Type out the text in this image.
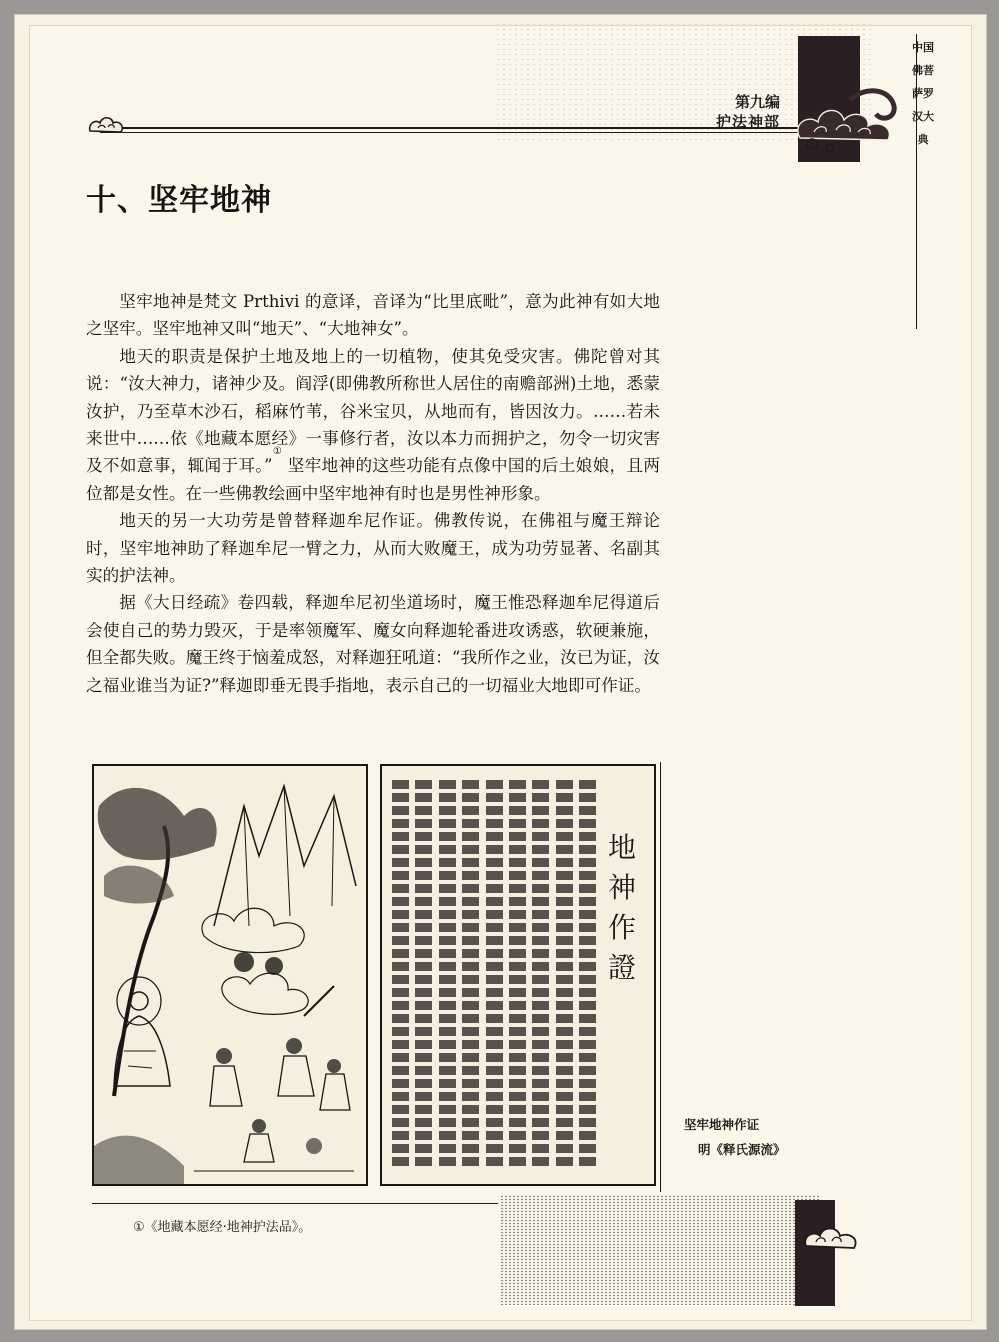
第九编
护法神部
中国佛菩萨罗汉大典
十、坚牢地神

坚牢地神是梵文 Prthivi 的意译，音译为“比里底毗”，意为此神有如大地之坚牢。坚牢地神又叫“地天”、“大地神女”。

地天的职责是保护土地及地上的一切植物，使其免受灾害。佛陀曾对其说：“汝大神力，诸神少及。阎浮(即佛教所称世人居住的南赡部洲)土地，悉蒙汝护，乃至草木沙石，稻麻竹苇，谷米宝贝，从地而有，皆因汝力。……若未来世中……依《地藏本愿经》一事修行者，汝以本力而拥护之，勿令一切灾害及不如意事，辄闻于耳。”① 坚牢地神的这些功能有点像中国的后土娘娘，且两位都是女性。在一些佛教绘画中坚牢地神有时也是男性神形象。

地天的另一大功劳是曾替释迦牟尼作证。佛教传说，在佛祖与魔王辩论时，坚牢地神助了释迦牟尼一臂之力，从而大败魔王，成为功劳显著、名副其实的护法神。

据《大日经疏》卷四载，释迦牟尼初坐道场时，魔王惟恐释迦牟尼得道后会使自己的势力毁灭，于是率领魔军、魔女向释迦轮番进攻诱惑，软硬兼施，但全都失败。魔王终于恼羞成怒，对释迦狂吼道：“我所作之业，汝已为证，汝之福业谁当为证?”释迦即垂无畏手指地，表示自己的一切福业大地即可作证。

地神作證
坚牢地神作证
明《释氏源流》
①《地藏本愿经·地神护法品》。
